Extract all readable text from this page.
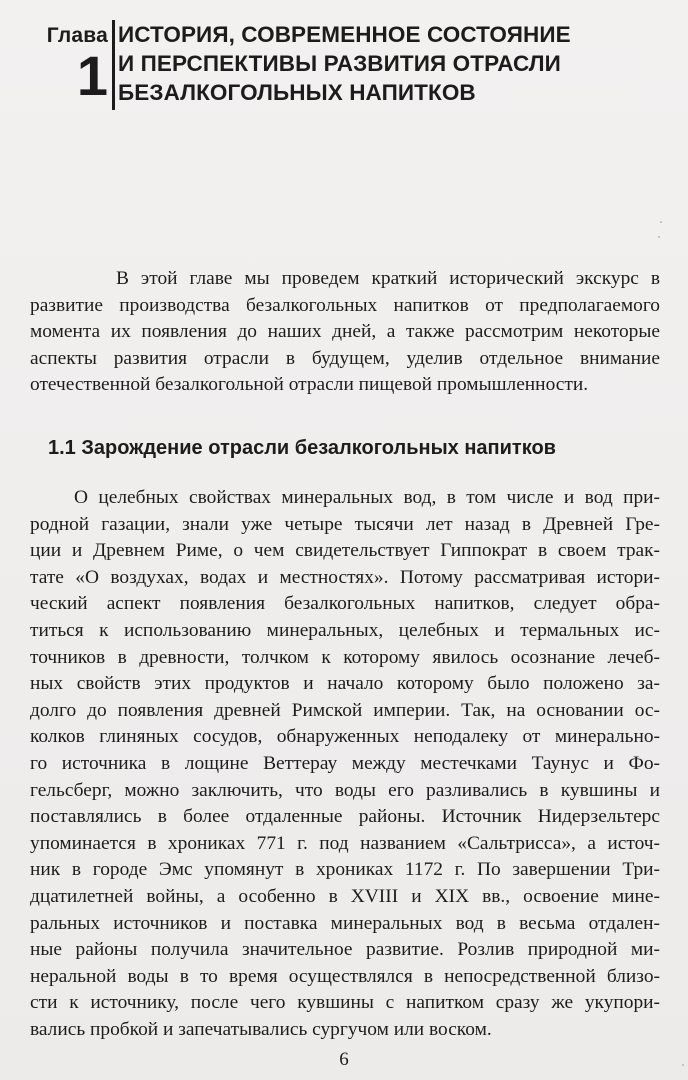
Глава
1
ИСТОРИЯ, СОВРЕМЕННОЕ СОСТОЯНИЕ
И ПЕРСПЕКТИВЫ РАЗВИТИЯ ОТРАСЛИ
БЕЗАЛКОГОЛЬНЫХ НАПИТКОВ

В этой главе мы проведем краткий исторический экскурс в
развитие производства безалкогольных напитков от предполагаемого
момента их появления до наших дней, а также рассмотрим некоторые
аспекты развития отрасли в будущем, уделив отдельное внимание
отечественной безалкогольной отрасли пищевой промышленности.

1.1 Зарождение отрасли безалкогольных напитков

О целебных свойствах минеральных вод, в том числе и вод при-
родной газации, знали уже четыре тысячи лет назад в Древней Гре-
ции и Древнем Риме, о чем свидетельствует Гиппократ в своем трак-
тате «О воздухах, водах и местностях». Потому рассматривая истори-
ческий аспект появления безалкогольных напитков, следует обра-
титься к использованию минеральных, целебных и термальных ис-
точников в древности, толчком к которому явилось осознание лечеб-
ных свойств этих продуктов и начало которому было положено за-
долго до появления древней Римской империи. Так, на основании ос-
колков глиняных сосудов, обнаруженных неподалеку от минерально-
го источника в лощине Веттерау между местечками Таунус и Фо-
гельсберг, можно заключить, что воды его разливались в кувшины и
поставлялись в более отдаленные районы. Источник Нидерзельтерс
упоминается в хрониках 771 г. под названием «Сальтрисса», а источ-
ник в городе Эмс упомянут в хрониках 1172 г. По завершении Три-
дцатилетней войны, а особенно в XVIII и XIX вв., освоение мине-
ральных источников и поставка минеральных вод в весьма отдален-
ные районы получила значительное развитие. Розлив природной ми-
неральной воды в то время осуществлялся в непосредственной близо-
сти к источнику, после чего кувшины с напитком сразу же укупори-
вались пробкой и запечатывались сургучом или воском.

6
